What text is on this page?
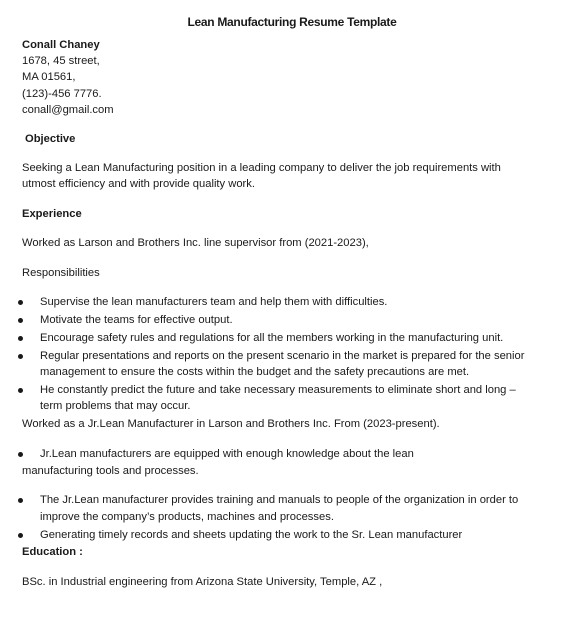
Lean Manufacturing Resume Template
Conall Chaney
1678, 45 street,
MA 01561,
(123)-456 7776.
conall@gmail.com
Objective
Seeking a Lean Manufacturing position in a leading company to deliver the job requirements with
utmost efficiency and with provide quality work.
Experience
Worked as Larson and Brothers Inc. line supervisor from (2021-2023),
Responsibilities
Supervise the lean manufacturers team and help them with difficulties.
Motivate the teams for effective output.
Encourage safety rules and regulations for all the members working in the manufacturing unit.
Regular presentations and reports on the present scenario in the market is prepared for the senior
management to ensure the costs within the budget and the safety precautions are met.
He constantly predict the future and take necessary measurements to eliminate short and long –
term problems that may occur.
Worked as a Jr.Lean Manufacturer in Larson and Brothers Inc. From (2023-present).
Jr.Lean manufacturers are equipped with enough knowledge about the lean
manufacturing tools and processes.
The Jr.Lean manufacturer provides training and manuals to people of the organization in order to
improve the company’s products, machines and processes.
Generating timely records and sheets updating the work to the Sr. Lean manufacturer
Education :
BSc. in Industrial engineering from Arizona State University, Temple, AZ ,
